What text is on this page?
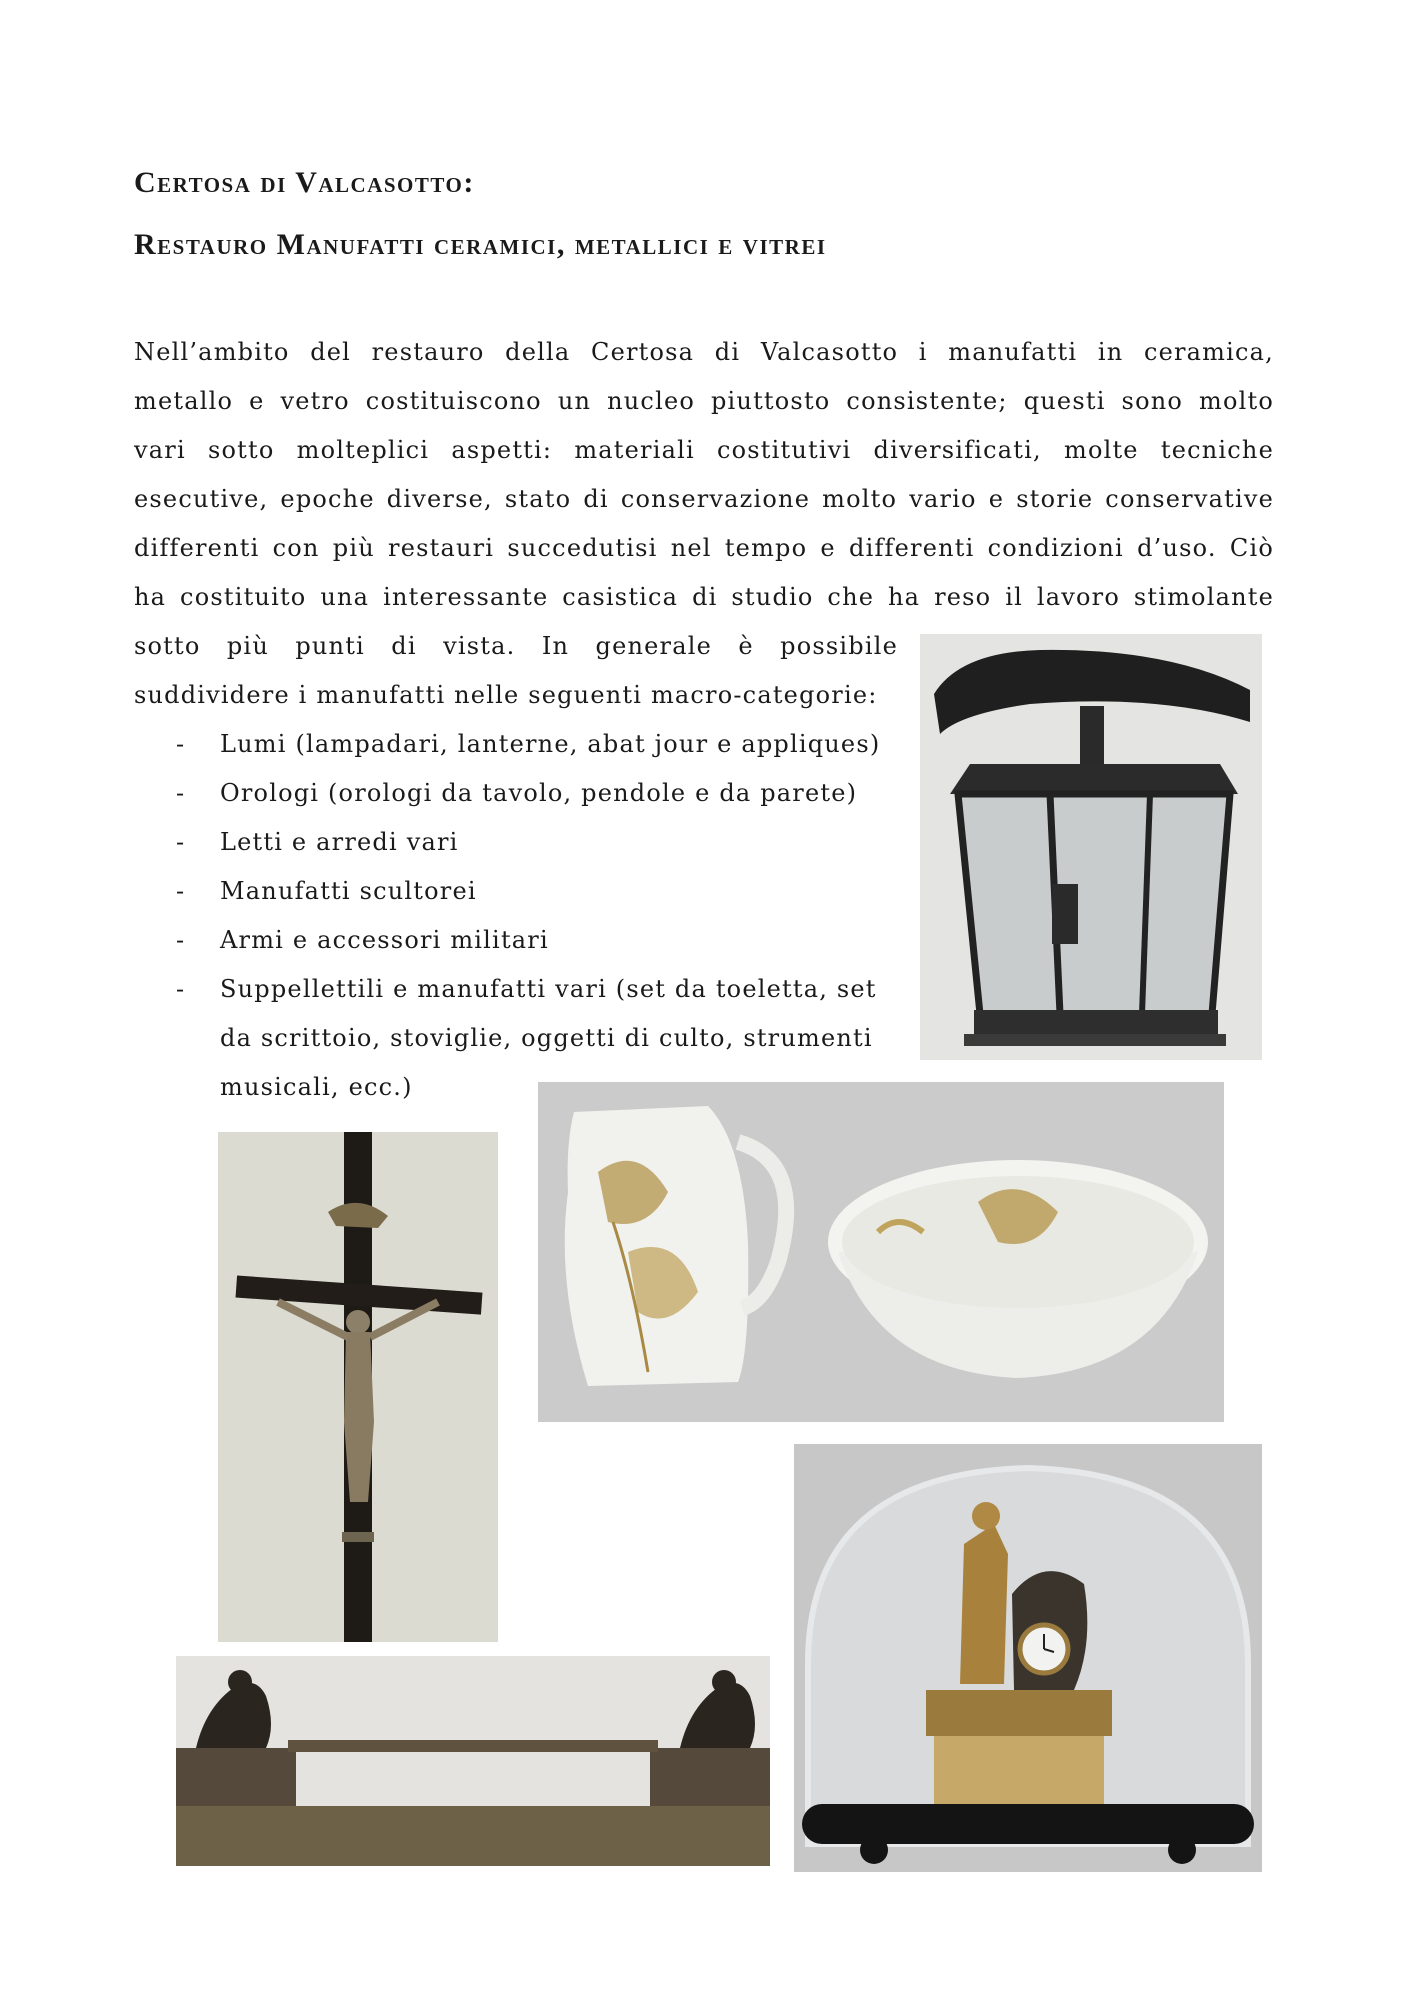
Certosa di Valcasotto:
Restauro Manufatti ceramici, metallici e vitrei

Nell’ambito del restauro della Certosa di Valcasotto i manufatti in ceramica,

metallo e vetro costituiscono un nucleo piuttosto consistente; questi sono molto

vari sotto molteplici aspetti: materiali costitutivi diversificati, molte tecniche

esecutive, epoche diverse, stato di conservazione molto vario e storie conservative

differenti con più restauri succedutisi nel tempo e differenti condizioni d’uso. Ciò

ha costituito una interessante casistica di studio che ha reso il lavoro stimolante

sotto più punti di vista. In generale è possibile

suddividere i manufatti nelle seguenti macro-categorie:

- Lumi (lampadari, lanterne, abat jour e appliques)
- Orologi (orologi da tavolo, pendole e da parete)
- Letti e arredi vari
- Manufatti scultorei
- Armi e accessori militari
- Suppellettili e manufatti vari (set da toeletta, set
da scrittoio, stoviglie, oggetti di culto, strumenti
musicali, ecc.)
